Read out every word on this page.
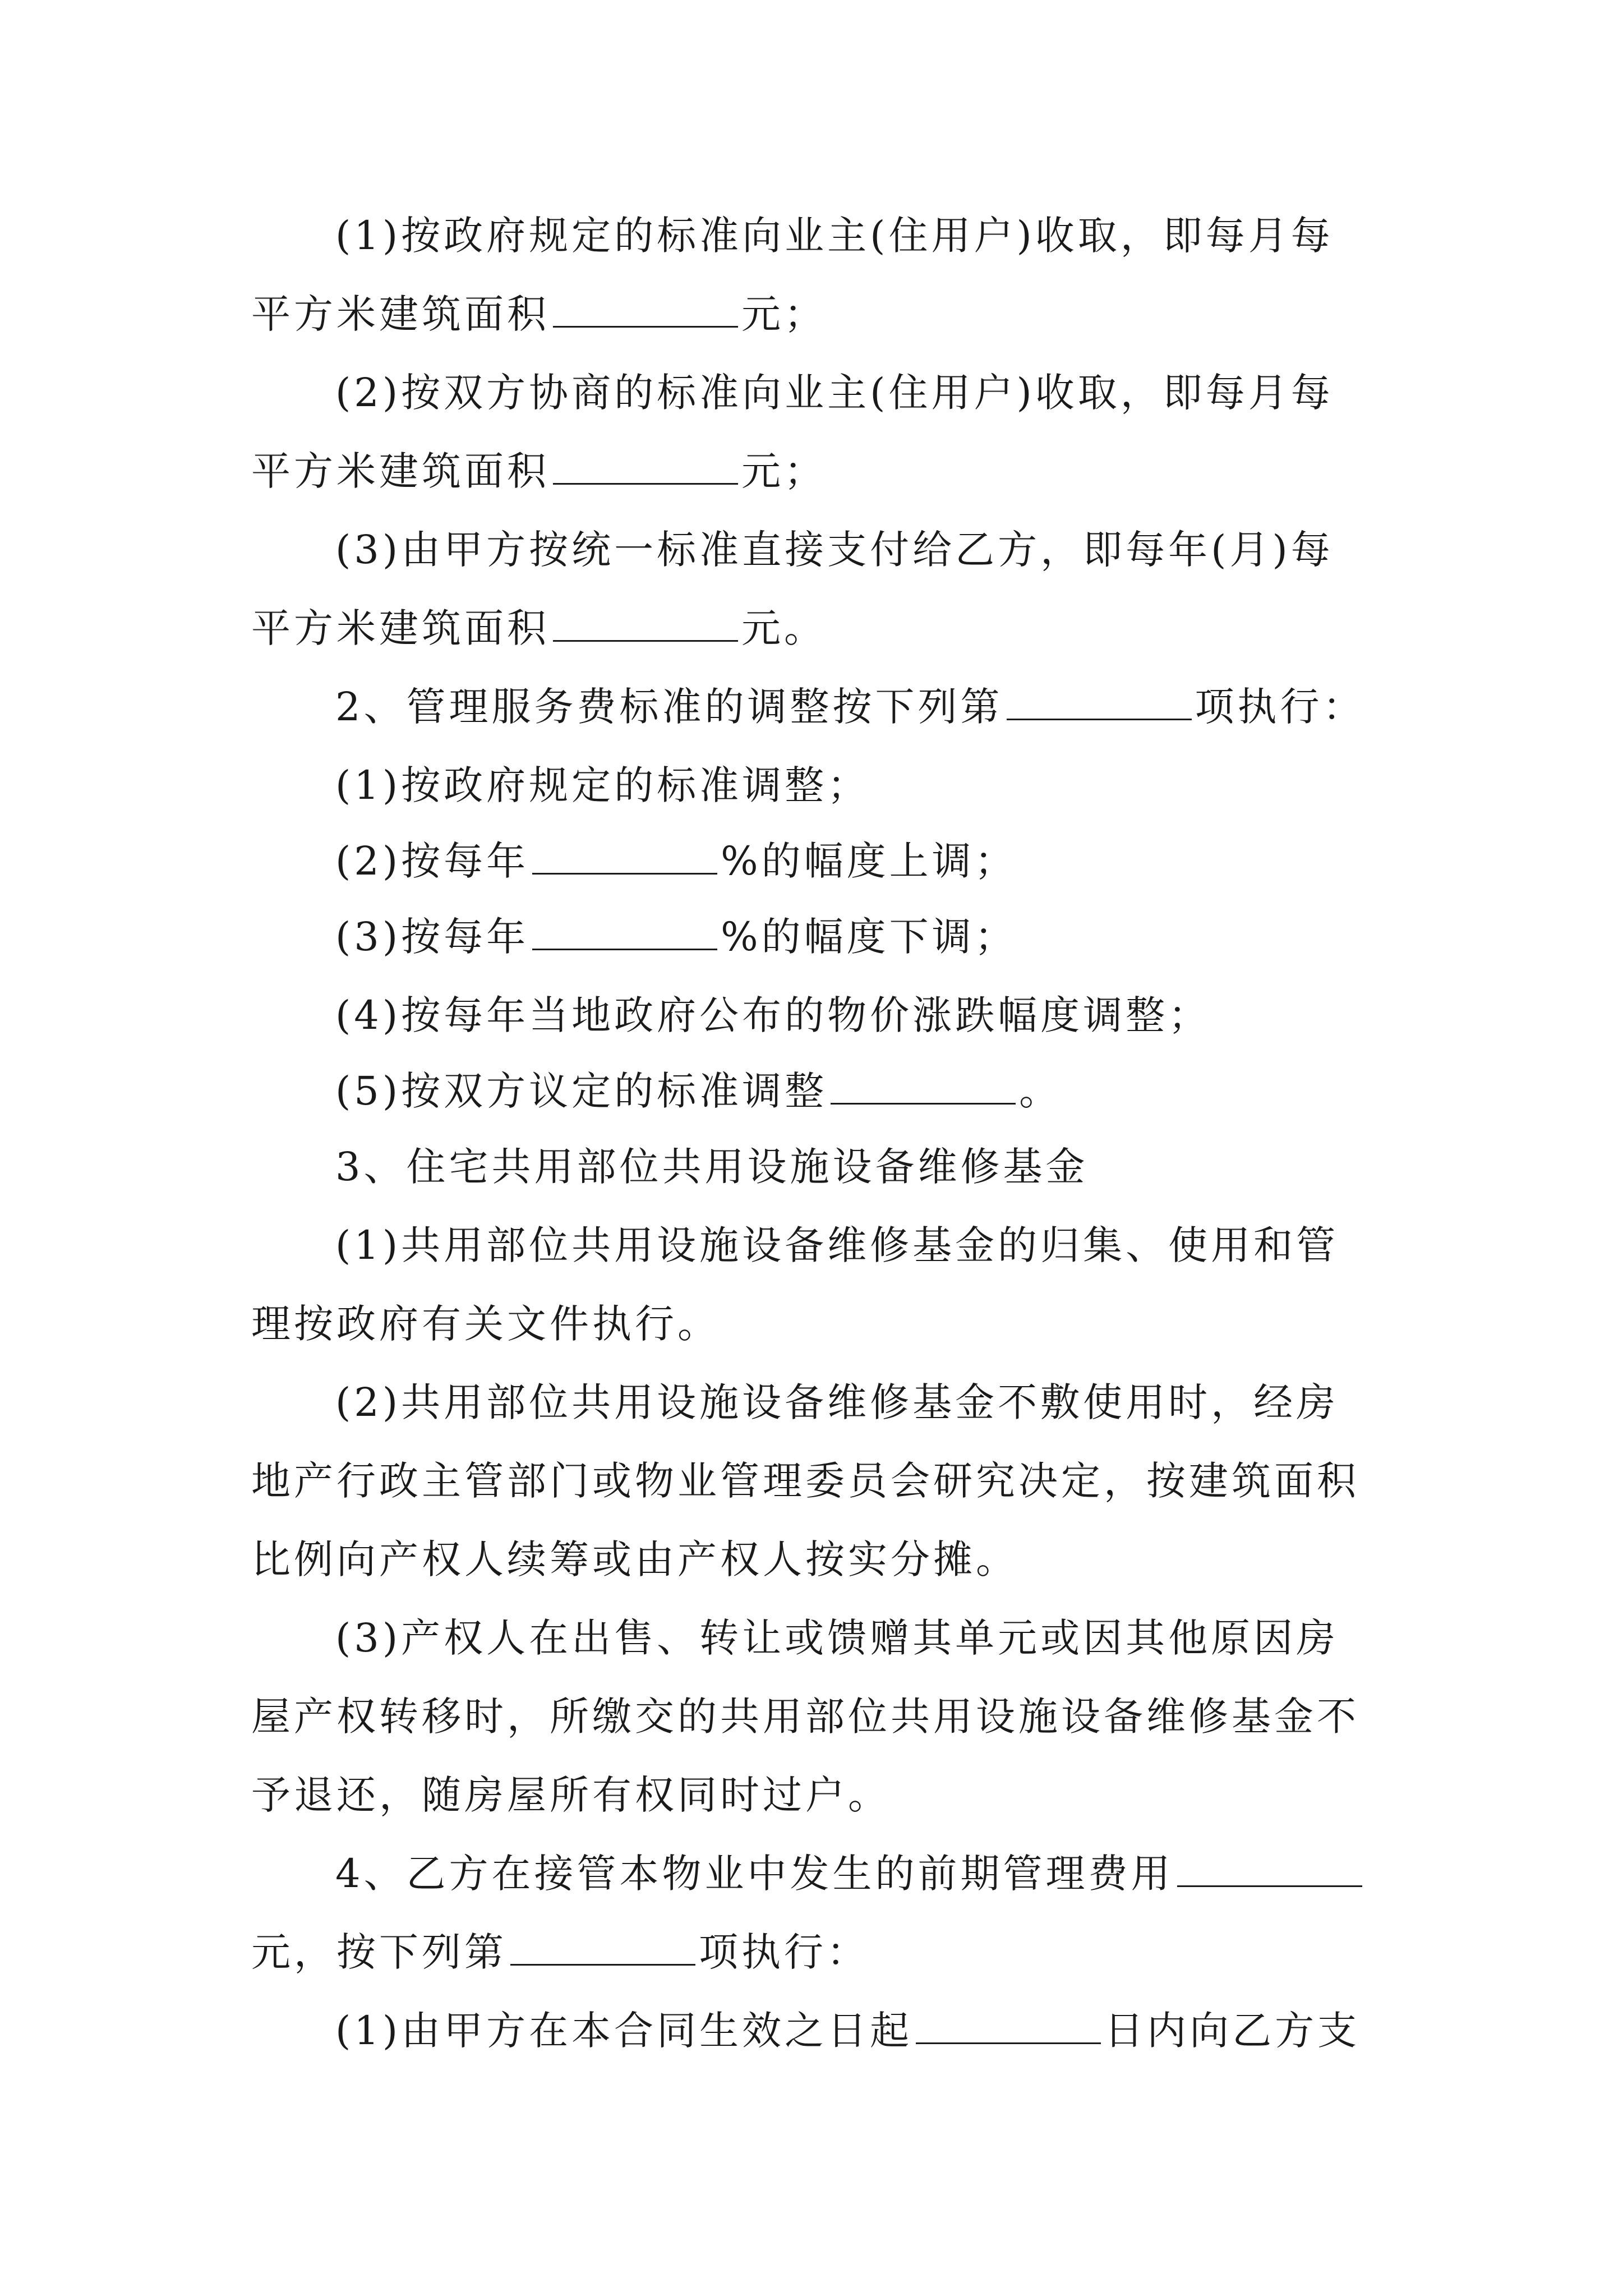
(1)按政府规定的标准向业主(住用户)收取，即每月每
平方米建筑面积	元；
(2)按双方协商的标准向业主(住用户)收取，即每月每
平方米建筑面积	元；
(3)由甲方按统一标准直接支付给乙方，即每年(月)每
平方米建筑面积	元。
2、管理服务费标准的调整按下列第	项执行：
(1)按政府规定的标准调整；
(2)按每年	%的幅度上调；
(3)按每年	%的幅度下调；
(4)按每年当地政府公布的物价涨跌幅度调整；
(5)按双方议定的标准调整	。
3、住宅共用部位共用设施设备维修基金
(1)共用部位共用设施设备维修基金的归集、使用和管
理按政府有关文件执行。
(2)共用部位共用设施设备维修基金不敷使用时，经房
地产行政主管部门或物业管理委员会研究决定，按建筑面积
比例向产权人续筹或由产权人按实分摊。
(3)产权人在出售、转让或馈赠其单元或因其他原因房
屋产权转移时，所缴交的共用部位共用设施设备维修基金不
予退还，随房屋所有权同时过户。
4、乙方在接管本物业中发生的前期管理费用
元，按下列第	项执行：
(1)由甲方在本合同生效之日起	日内向乙方支
